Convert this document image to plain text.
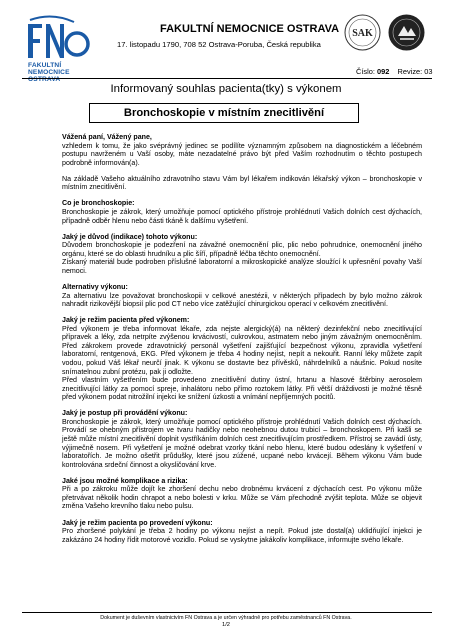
FAKULTNÍ
NEMOCNICE
OSTRAVA
FAKULTNÍ NEMOCNICE OSTRAVA
17. listopadu 1790, 708 52 Ostrava-Poruba, Česká republika
SAK
Číslo: 092 Revize: 03
Informovaný souhlas pacienta(tky) s výkonem
Bronchoskopie v místním znecitlivění

Vážená paní, Vážený pane,
vzhledem k tomu, že jako svéprávný jedinec se podílíte významným způsobem na diagnostickém a léčebném postupu navrženém u Vaší osoby, máte nezadatelné právo být před Vaším rozhodnutím o těchto postupech podrobně informován(a).

Na základě Vašeho aktuálního zdravotního stavu Vám byl lékařem indikován lékařský výkon – bronchoskopie v místním znecitlivění.

Co je bronchoskopie:
Bronchoskopie je zákrok, který umožňuje pomocí optického přístroje prohlédnutí Vašich dolních cest dýchacích, případně odběr hlenu nebo části tkáně k dalšímu vyšetření.

Jaký je důvod (indikace) tohoto výkonu:
Důvodem bronchoskopie je podezření na závažné onemocnění plic, plic nebo pohrudnice, onemocnění jiného orgánu, které se do oblasti hrudníku a plic šíří, případně léčba těchto onemocnění.
Získaný materiál bude podroben příslušné laboratorní a mikroskopické analýze sloužící k upřesnění povahy Vaší nemoci.

Alternativy výkonu:
Za alternativu lze považovat bronchoskopii v celkové anestézii, v některých případech by bylo možno zákrok nahradit rizikovější biopsií plic pod CT nebo více zatěžující chirurgickou operací v celkovém znecitlivění.

Jaký je režim pacienta před výkonem:
Před výkonem je třeba informovat lékaře, zda nejste alergický(á) na některý dezinfekční nebo znecitlivující přípravek a léky, zda netrpíte zvýšenou krvácivostí, cukrovkou, astmatem nebo jiným závažným onemocněním. Před zákrokem provede zdravotnický personál vyšetření zajišťující bezpečnost výkonu, zpravidla vyšetření laboratorní, rentgenová, EKG. Před výkonem je třeba 4 hodiny nejíst, nepít a nekouřit. Ranní léky můžete zapít vodou, pokud Váš lékař neurčí jinak. K výkonu se dostavte bez přívěsků, náhrdelníků a náušnic. Pokud nosíte snímatelnou zubní protézu, pak ji odložte.
Před vlastním vyšetřením bude provedeno znecitlivění dutiny ústní, hrtanu a hlasové štěrbiny aerosolem znecitlivující látky za pomocí spreje, inhalátoru nebo přímo roztokem látky. Při větší dráždivosti je možné těsně před výkonem podat nitrožilní injekci ke snížení úzkosti a vnímání nepříjemných pocitů.

Jaký je postup při provádění výkonu:
Bronchoskopie je zákrok, který umožňuje pomocí optického přístroje prohlédnutí Vašich dolních cest dýchacích. Provádí se ohebným přístrojem ve tvaru hadičky nebo neohebnou dutou trubicí – bronchoskopem. Při kašli se ještě může místní znecitlivění doplnit vystříkáním dolních cest znecitlivujícím prostředkem. Přístroj se zavádí ústy, výjimečně nosem. Při vyšetření je možné odebrat vzorky tkání nebo hlenu, které budou odeslány k vyšetření v laboratořích. Je možno ošetřit průdušky, které jsou zúžené, ucpané nebo krvácejí. Během výkonu Vám bude kontrolována srdeční činnost a okysličování krve.

Jaké jsou možné komplikace a rizika:
Při a po zákroku může dojít ke zhoršení dechu nebo drobnému krvácení z dýchacích cest. Po výkonu může přetrvávat několik hodin chrapot a nebo bolesti v krku. Může se Vám přechodně zvýšit teplota. Může se objevit změna Vašeho krevního tlaku nebo pulsu.

Jaký je režim pacienta po provedení výkonu:
Pro zhoršené polykání je třeba 2 hodiny po výkonu nejíst a nepít. Pokud jste dostal(a) uklidňující injekci je zakázáno 24 hodiny řídit motorové vozidlo. Pokud se vyskytne jakákoliv komplikace, informujte svého lékaře.

Dokument je duševním vlastnictvím FN Ostrava a je určen výhradně pro potřebu zaměstnanců FN Ostrava.
1/2
